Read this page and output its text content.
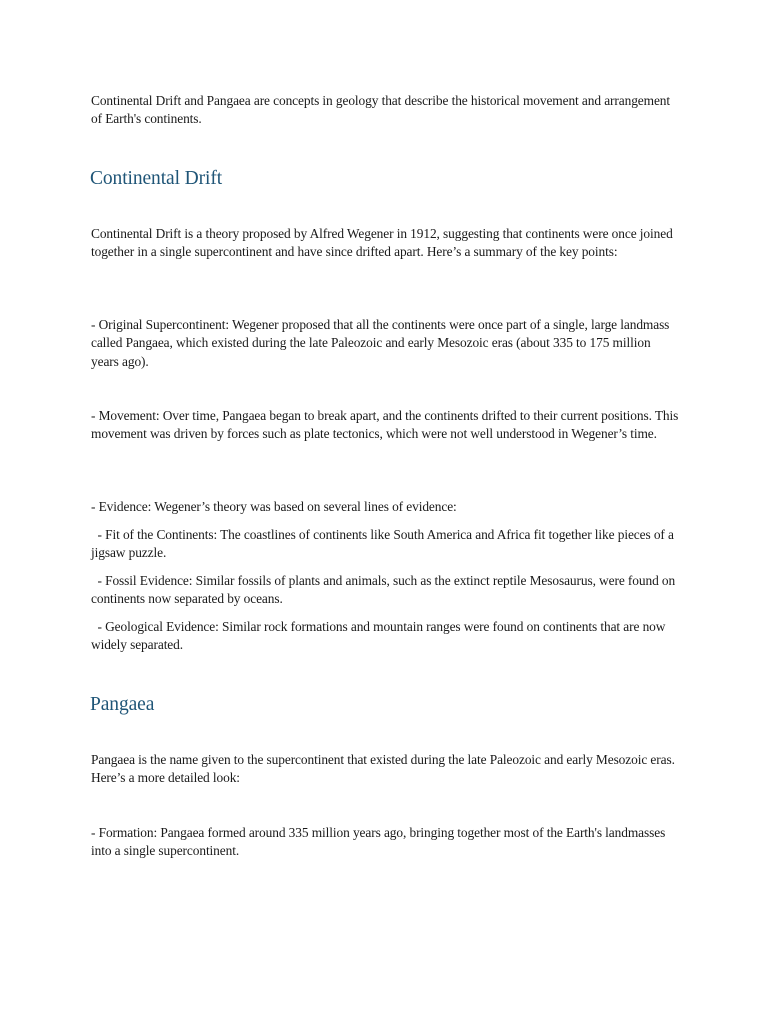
Continental Drift and Pangaea are concepts in geology that describe the historical movement and arrangement of Earth's continents.

Continental Drift

Continental Drift is a theory proposed by Alfred Wegener in 1912, suggesting that continents were once joined together in a single supercontinent and have since drifted apart. Here’s a summary of the key points:

- Original Supercontinent: Wegener proposed that all the continents were once part of a single, large landmass called Pangaea, which existed during the late Paleozoic and early Mesozoic eras (about 335 to 175 million years ago).

- Movement: Over time, Pangaea began to break apart, and the continents drifted to their current positions. This movement was driven by forces such as plate tectonics, which were not well understood in Wegener’s time.

- Evidence: Wegener’s theory was based on several lines of evidence:

- Fit of the Continents: The coastlines of continents like South America and Africa fit together like pieces of a jigsaw puzzle.

- Fossil Evidence: Similar fossils of plants and animals, such as the extinct reptile Mesosaurus, were found on continents now separated by oceans.

- Geological Evidence: Similar rock formations and mountain ranges were found on continents that are now widely separated.

Pangaea

Pangaea is the name given to the supercontinent that existed during the late Paleozoic and early Mesozoic eras. Here’s a more detailed look:

- Formation: Pangaea formed around 335 million years ago, bringing together most of the Earth's landmasses into a single supercontinent.
